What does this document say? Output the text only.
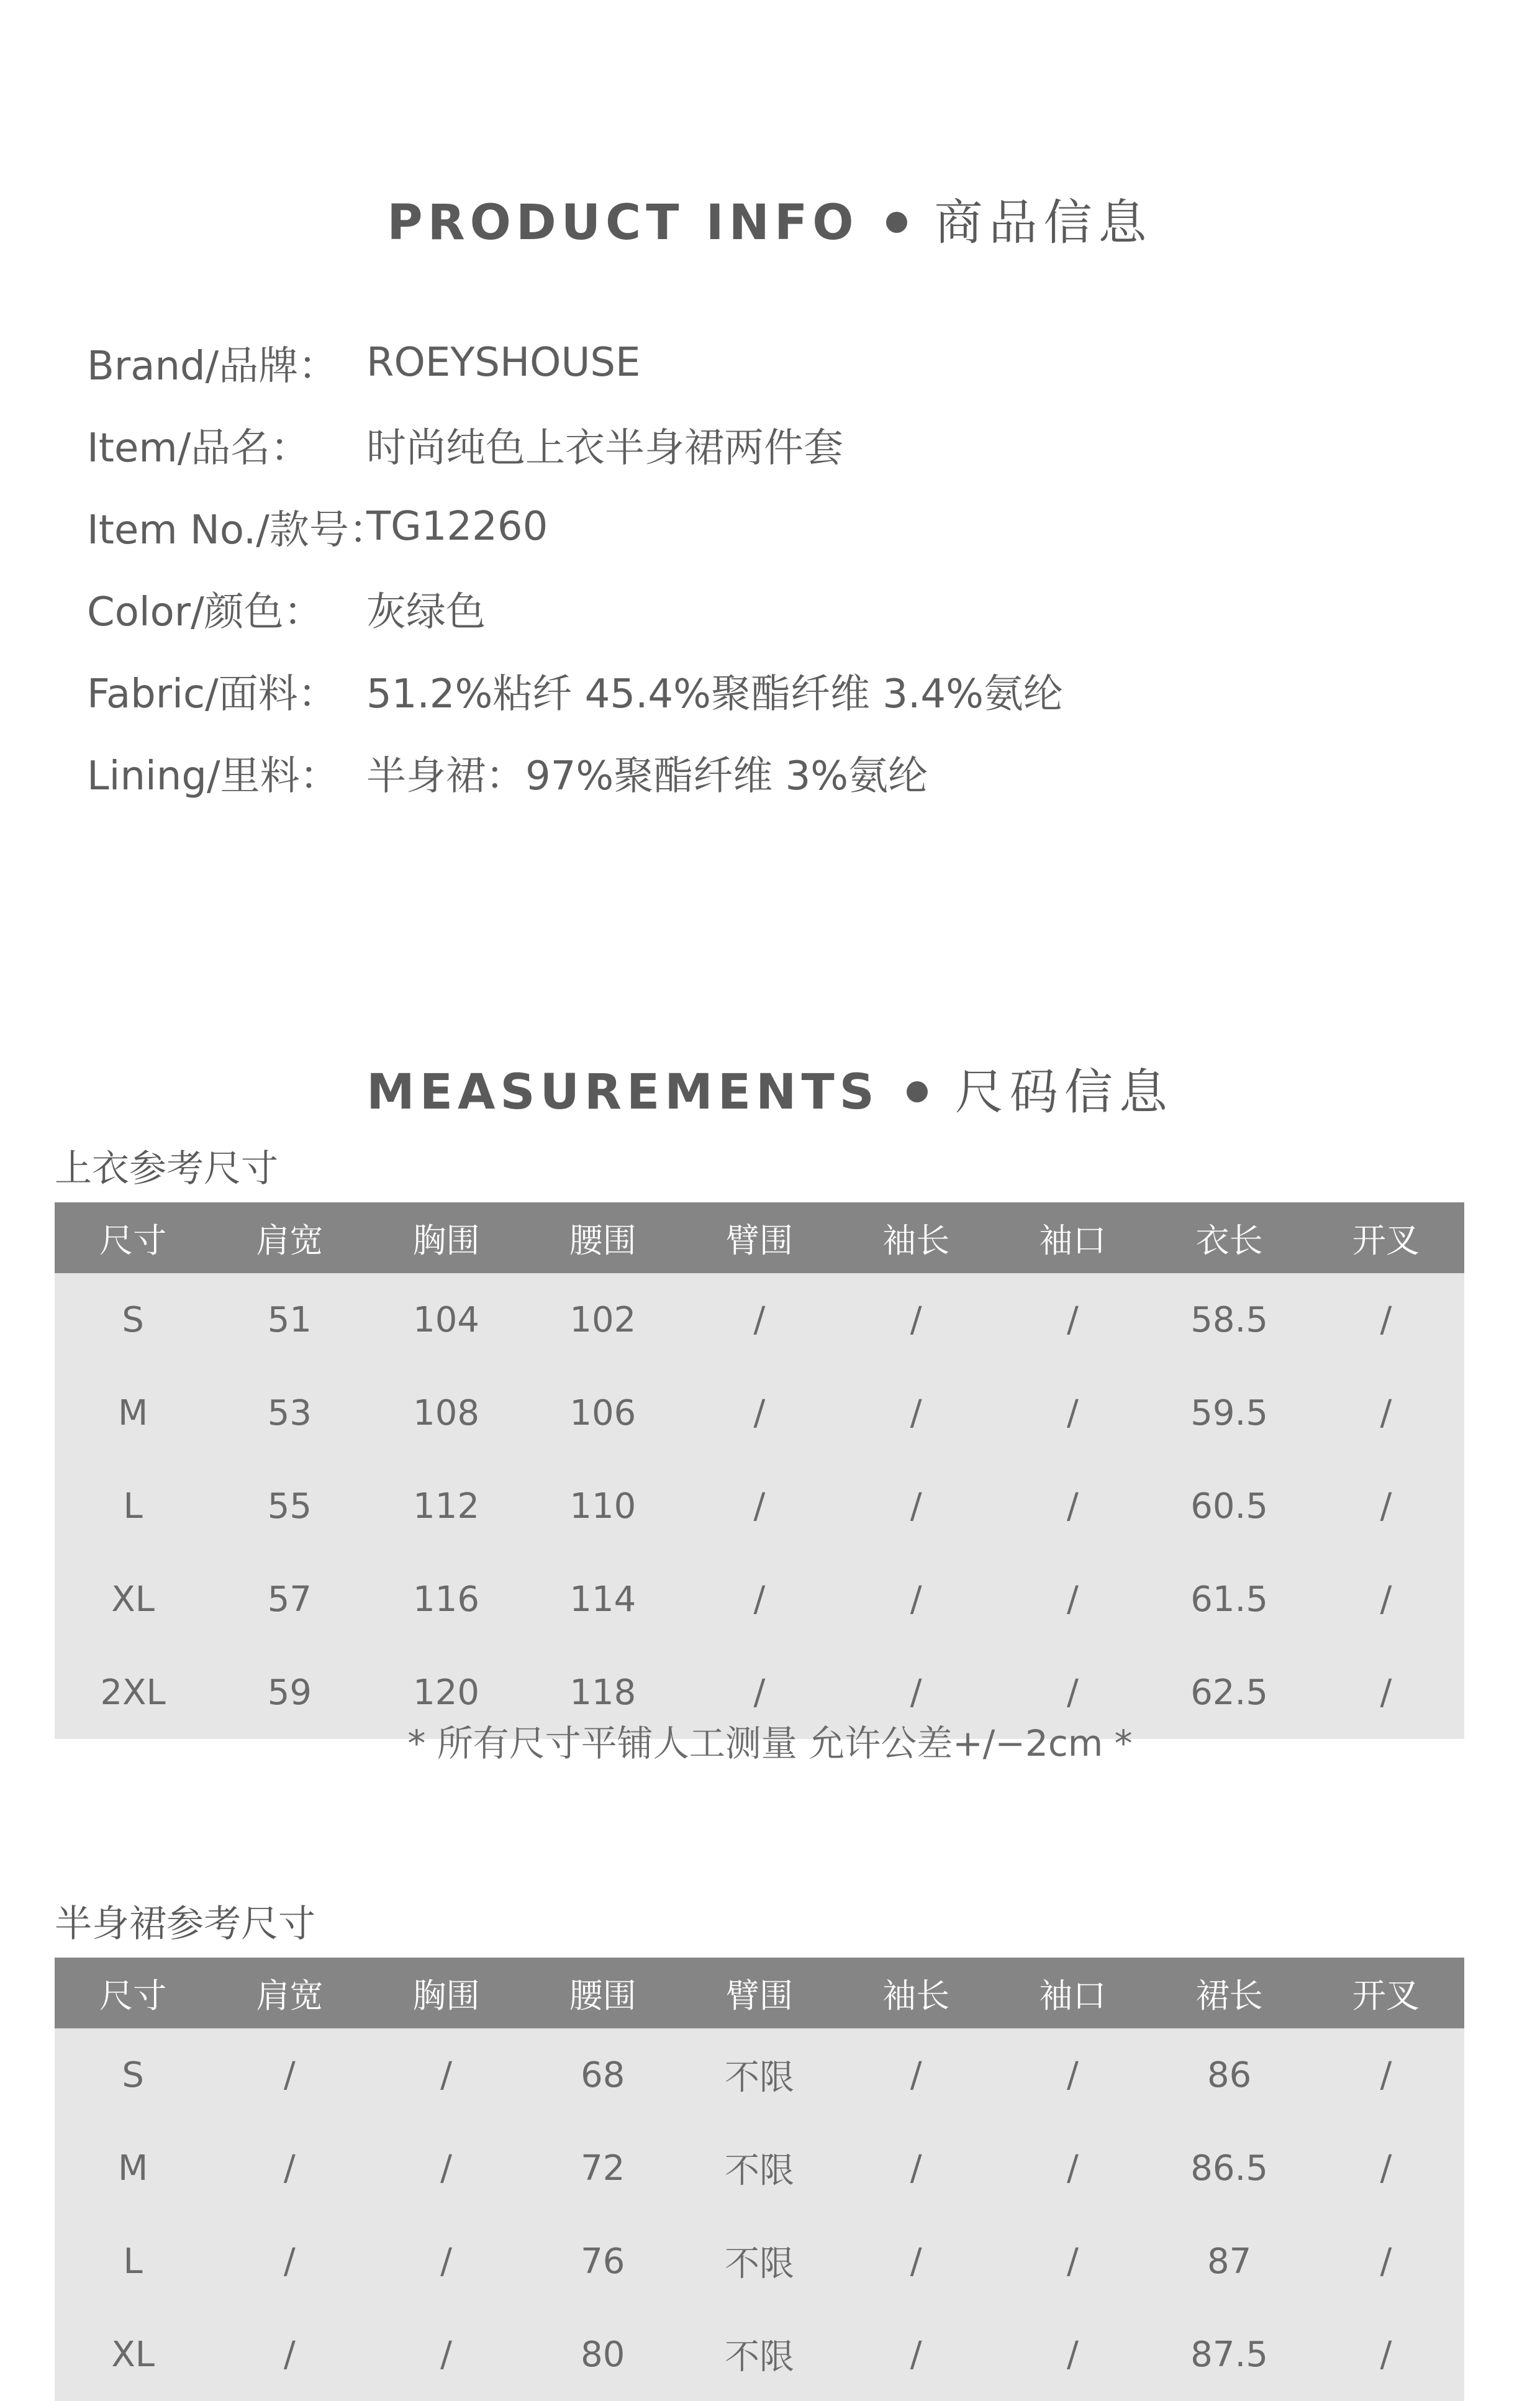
PRODUCT INFO 商品信息
Brand/品牌： ROEYSHOUSE
Item/品名：	时尚纯色上衣半身裙两件套
Item No./款号：
TG12260
Color/颜色：	灰绿色
Fabric/面料： 51.2%粘纤 45.4%聚酯纤维 3.4%氨纶
Lining/里料： 半身裙：97%聚酯纤维 3%氨纶
MEASUREMENTS 尺码信息
上衣参考尺寸
尺寸	肩宽	胸围	腰围	臂围	袖长	袖口	衣长	开叉
S	51	104	102	/	/	/	58.5	/
M	53	108	106	/	/	/	59.5	/
L	55	112	110	/	/	/	60.5	/
XL	57	116	114	/	/	/	61.5	/
2XL	59	120	118	/	/	/	62.5	/
* 所有尺寸平铺人工测量 允许公差+/−2cm *
半身裙参考尺寸
尺寸	肩宽	胸围	腰围	臂围	袖长	袖口	裙长	开叉
S	/	/	68	不限	/	/	86	/
M	/	/	72	不限	/	/	86.5	/
L	/	/	76	不限	/	/	87	/
XL	/	/	80	不限	/	/	87.5	/
